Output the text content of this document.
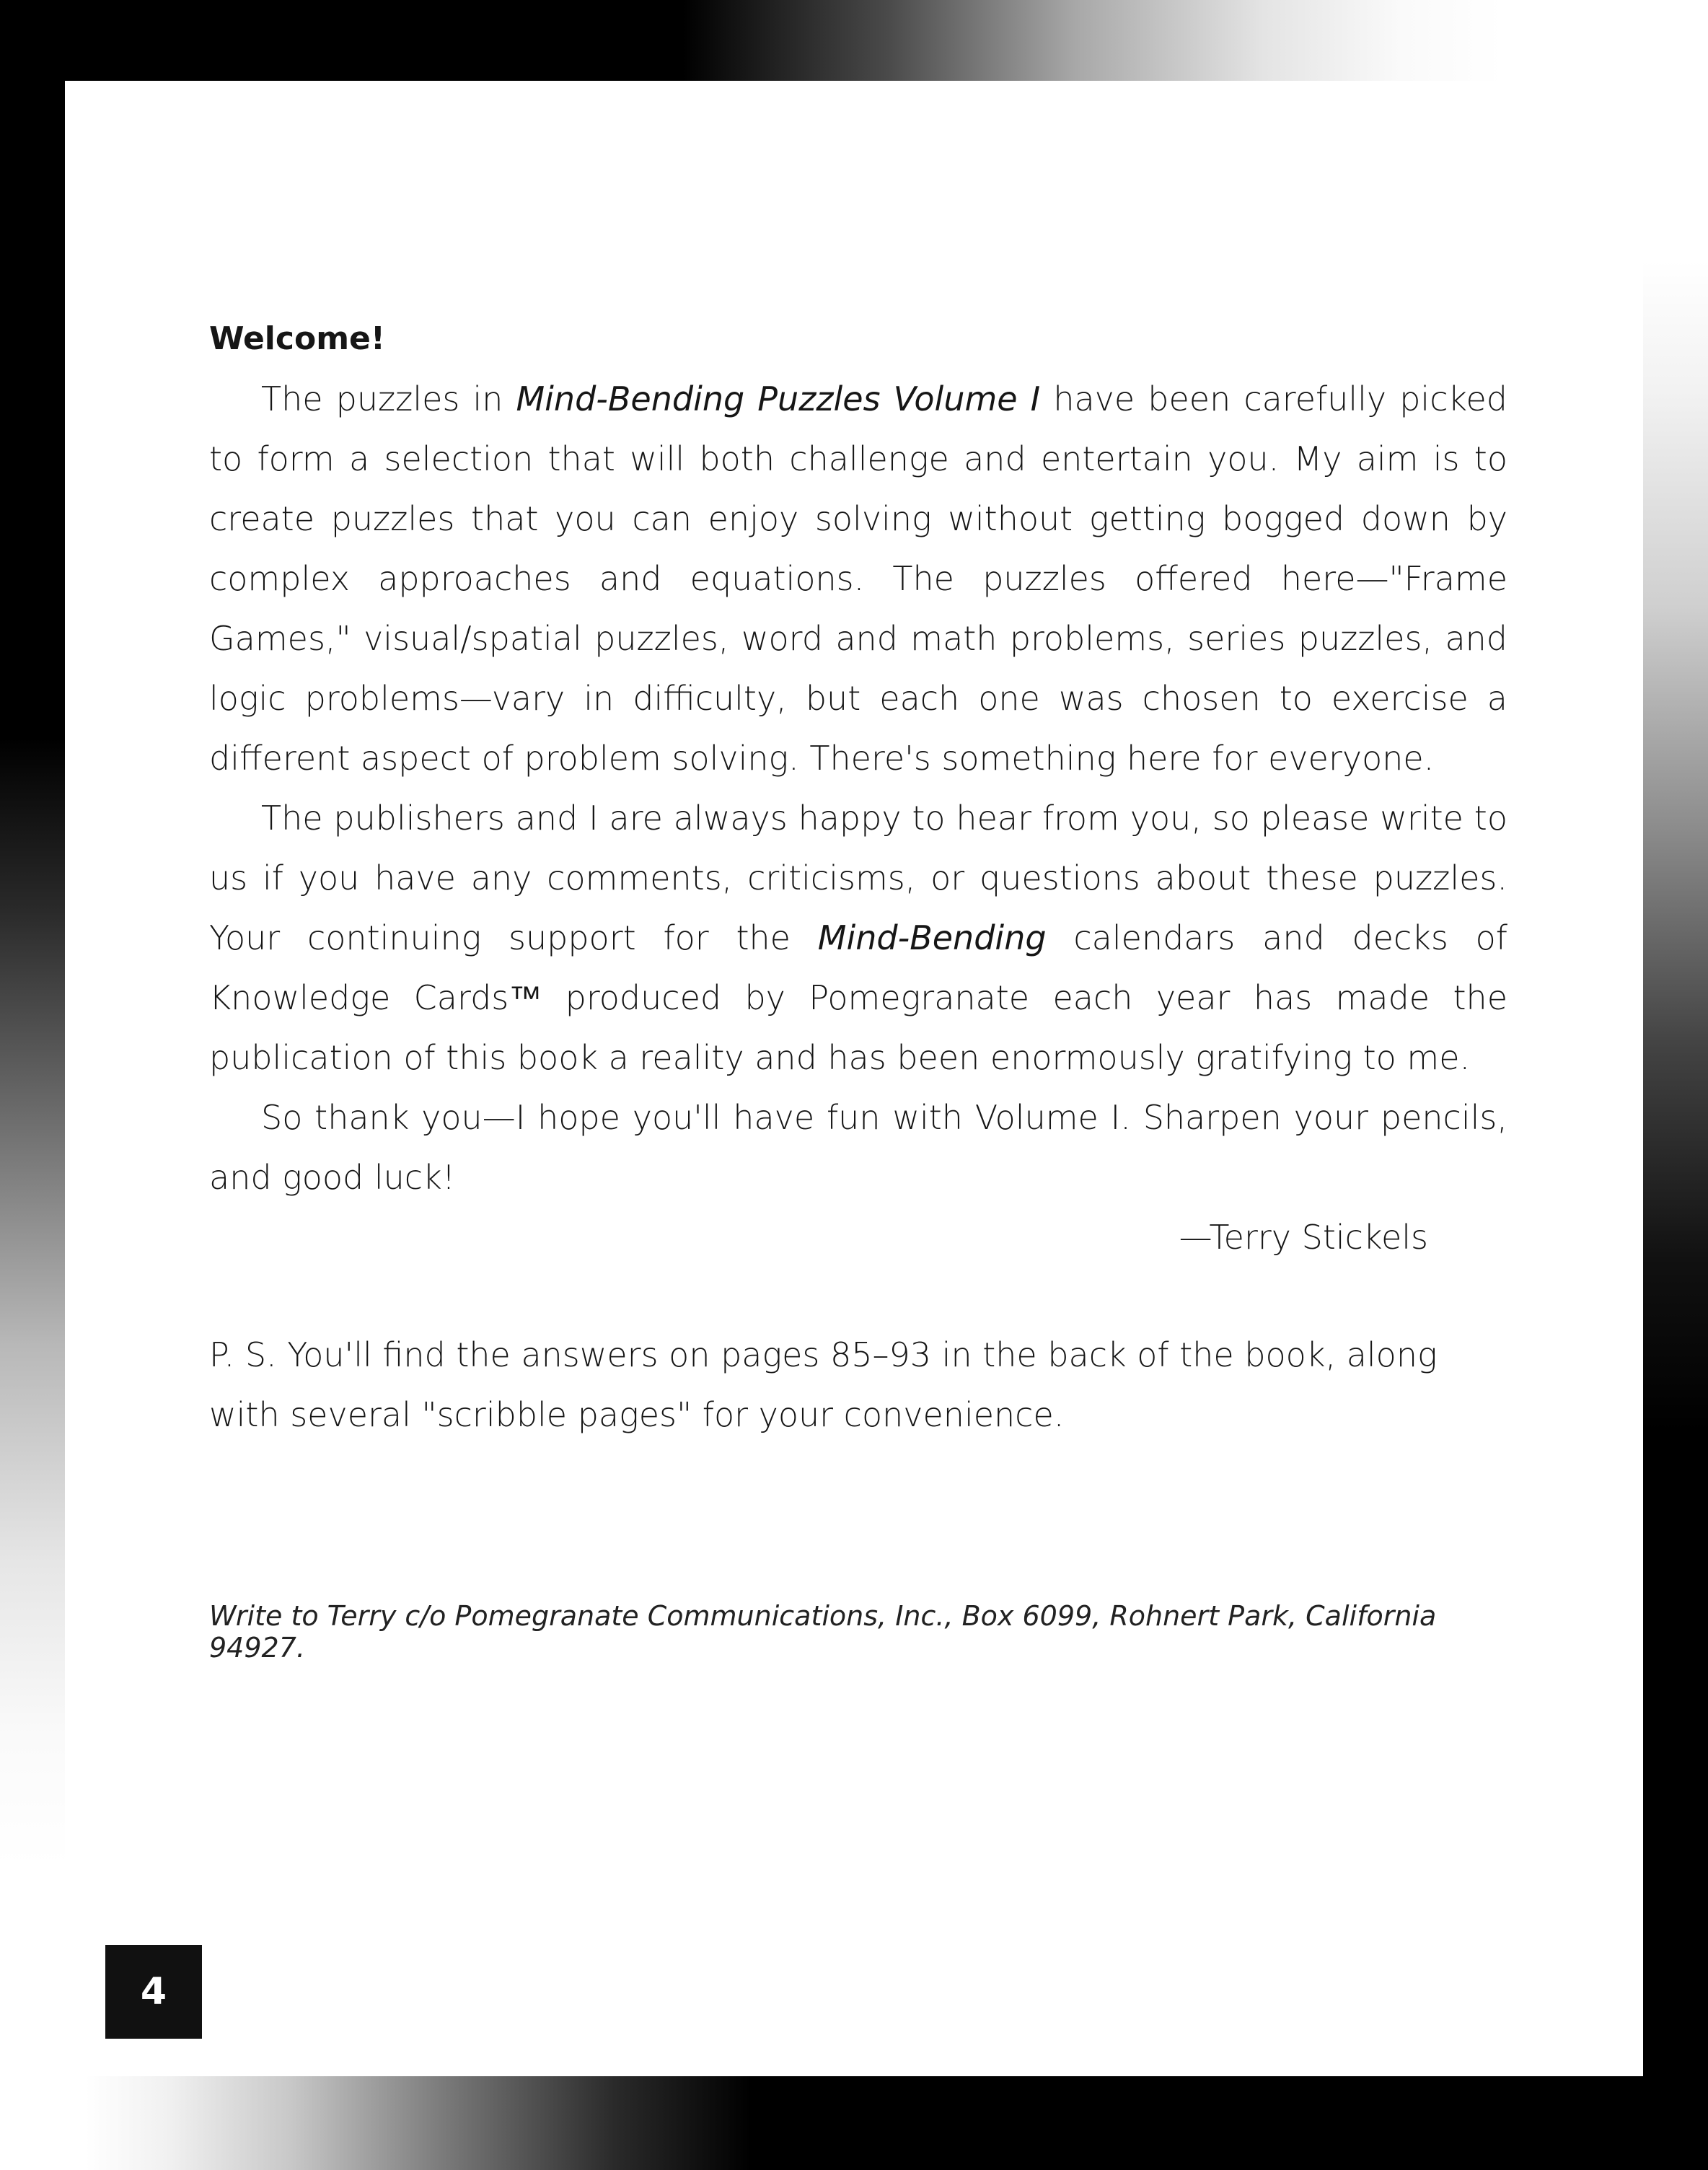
Welcome!

The puzzles in Mind-Bending Puzzles Volume I have been carefully picked to form a selection that will both challenge and entertain you. My aim is to create puzzles that you can enjoy solving without getting bogged down by complex approaches and equations. The puzzles offered here—"Frame Games," visual/spatial puzzles, word and math problems, series puzzles, and logic problems—vary in difficulty, but each one was chosen to exercise a different aspect of problem solving. There's something here for everyone.

The publishers and I are always happy to hear from you, so please write to us if you have any comments, criticisms, or questions about these puzzles. Your continuing support for the Mind-Bending calendars and decks of Knowledge Cards™ produced by Pomegranate each year has made the publication of this book a reality and has been enormously gratifying to me.

So thank you—I hope you'll have fun with Volume I. Sharpen your pencils, and good luck!

—Terry Stickels

P. S. You'll find the answers on pages 85–93 in the back of the book, along with several "scribble pages" for your convenience.

Write to Terry c/o Pomegranate Communications, Inc., Box 6099, Rohnert Park, California 94927.
4
